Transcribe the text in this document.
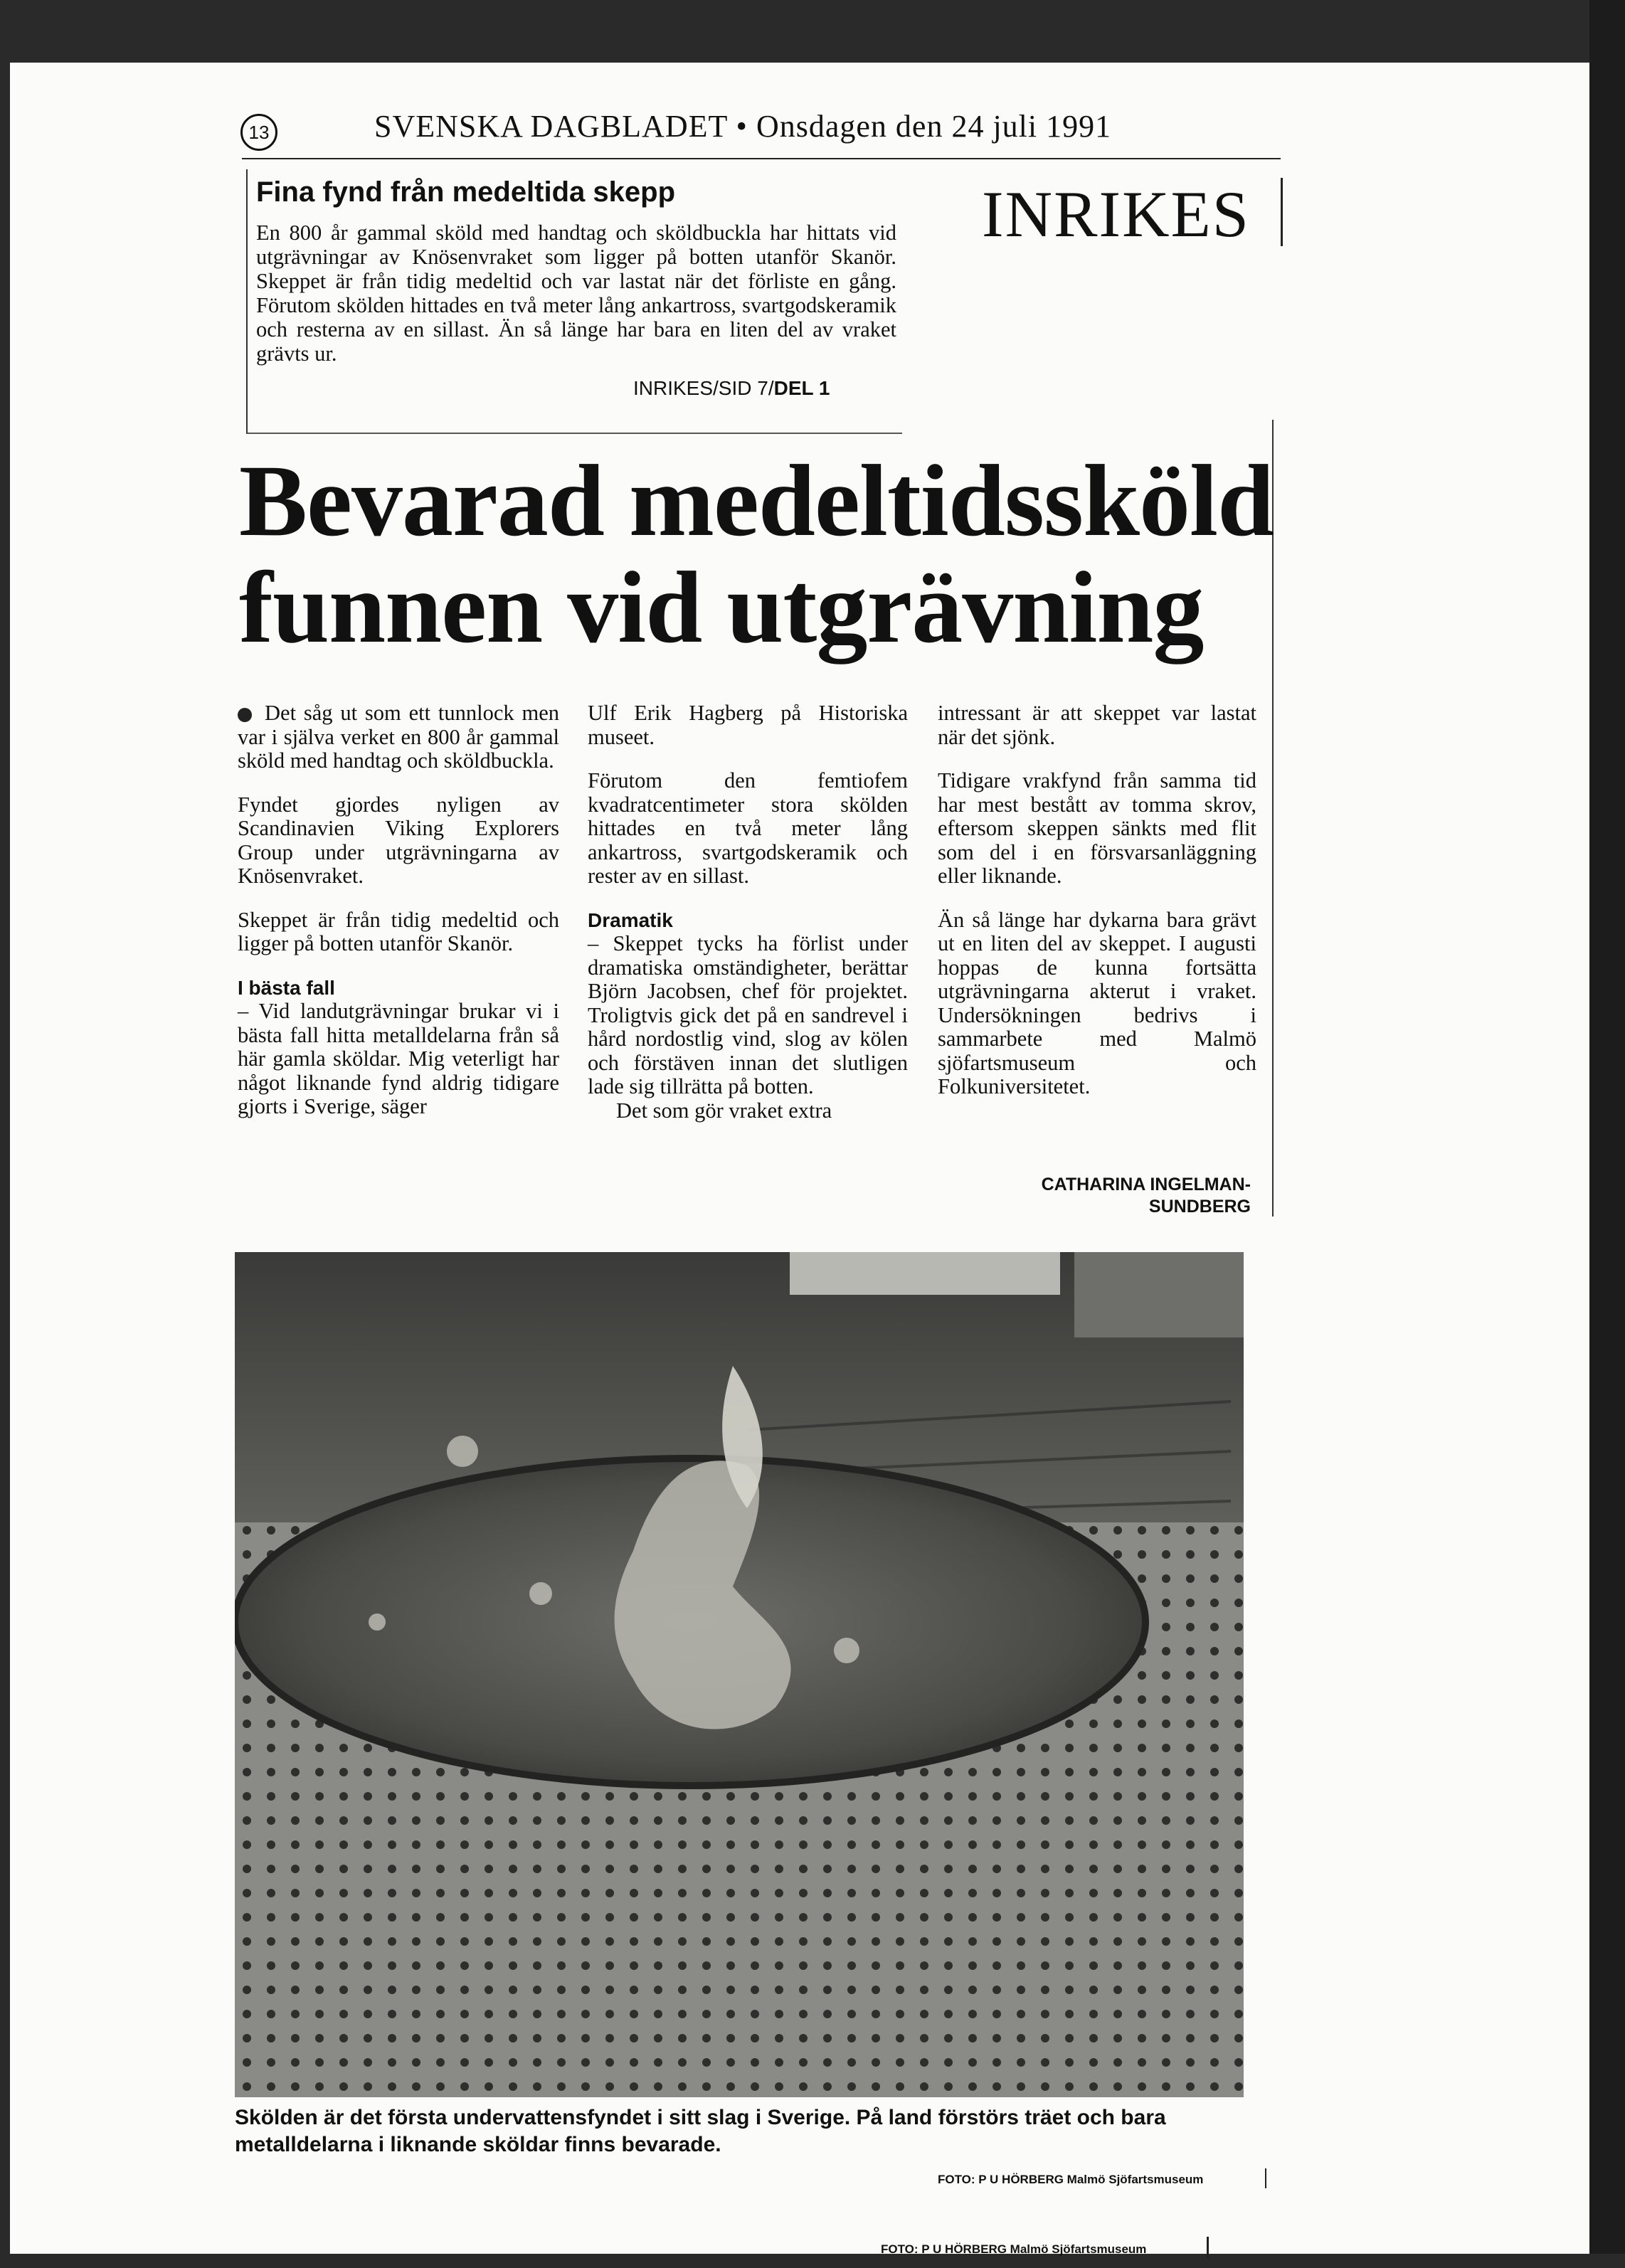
13	SVENSKA DAGBLADET • Onsdagen den 24 juli 1991
Fina fynd från medeltida skepp
En 800 år gammal sköld med handtag och sköldbuckla har hittats vid utgrävningar av Knösenvraket som ligger på botten utanför Skanör. Skeppet är från tidig medeltid och var lastat när det förliste en gång. Förutom skölden hittades en två meter lång ankartross, svartgodskeramik och resterna av en sillast. Än så länge har bara en liten del av vraket grävts ur.
INRIKES/SID 7/DEL 1
INRIKES
Bevarad medeltidssköld
funnen vid utgrävning

Det såg ut som ett tunnlock men var i själva verket en 800 år gammal sköld med handtag och sköldbuckla.

Fyndet gjordes nyligen av Scandinavien Viking Explorers Group under utgrävningarna av Knösenvraket.

Skeppet är från tidig medeltid och ligger på botten utanför Skanör.

I bästa fall

– Vid landutgrävningar brukar vi i bästa fall hitta metalldelarna från så här gamla sköldar. Mig veterligt har något liknande fynd aldrig tidigare gjorts i Sverige, säger

Ulf Erik Hagberg på Historiska museet.

Förutom den femtiofem kvadratcentimeter stora skölden hittades en två meter lång ankartross, svartgodskeramik och rester av en sillast.

Dramatik

– Skeppet tycks ha förlist under dramatiska omständigheter, berättar Björn Jacobsen, chef för projektet. Troligtvis gick det på en sandrevel i hård nordostlig vind, slog av kölen och förstäven innan det slutligen lade sig tillrätta på botten.

Det som gör vraket extra

intressant är att skeppet var lastat när det sjönk.

Tidigare vrakfynd från samma tid har mest bestått av tomma skrov, eftersom skeppen sänkts med flit som del i en försvarsanläggning eller liknande.

Än så länge har dykarna bara grävt ut en liten del av skeppet. I augusti hoppas de kunna fortsätta utgrävningarna akterut i vraket. Undersökningen bedrivs i sammarbete med Malmö sjöfartsmuseum och Folkuniversitetet.

CATHARINA INGELMAN-
SUNDBERG
Skölden är det första undervattensfyndet i sitt slag i Sverige. På land förstörs träet och bara metalldelarna i liknande sköldar finns bevarade.
FOTO: P U HÖRBERG Malmö Sjöfartsmuseum
FOTO: P U HÖRBERG Malmö Sjöfartsmuseum
